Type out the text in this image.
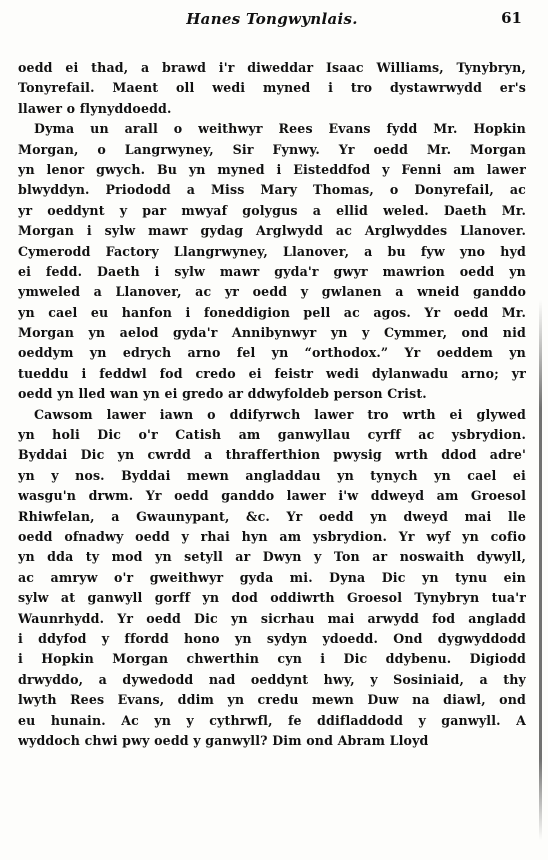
Hanes Tongwynlais.	61
oedd ei thad, a brawd i'r diweddar Isaac Williams, Tynybryn,
Tonyrefail. Maent oll wedi myned i tro dystawrwydd er's
llawer o flynyddoedd.
Dyma un arall o weithwyr Rees Evans fydd Mr. Hopkin
Morgan, o Langrwyney, Sir Fynwy. Yr oedd Mr. Morgan
yn lenor gwych. Bu yn myned i Eisteddfod y Fenni am lawer
blwyddyn. Priododd a Miss Mary Thomas, o Donyrefail, ac
yr oeddynt y par mwyaf golygus a ellid weled. Daeth Mr.
Morgan i sylw mawr gydag Arglwydd ac Arglwyddes Llanover.
Cymerodd Factory Llangrwyney, Llanover, a bu fyw yno hyd
ei fedd. Daeth i sylw mawr gyda'r gwyr mawrion oedd yn
ymweled a Llanover, ac yr oedd y gwlanen a wneid ganddo
yn cael eu hanfon i foneddigion pell ac agos. Yr oedd Mr.
Morgan yn aelod gyda'r Annibynwyr yn y Cymmer, ond nid
oeddym yn edrych arno fel yn “orthodox.” Yr oeddem yn
tueddu i feddwl fod credo ei feistr wedi dylanwadu arno; yr
oedd yn lled wan yn ei gredo ar ddwyfoldeb person Crist.
Cawsom lawer iawn o ddifyrwch lawer tro wrth ei glywed
yn holi Dic o'r Catish am ganwyllau cyrff ac ysbrydion.
Byddai Dic yn cwrdd a thrafferthion pwysig wrth ddod adre'
yn y nos. Byddai mewn angladdau yn tynych yn cael ei
wasgu'n drwm. Yr oedd ganddo lawer i'w ddweyd am Groesol
Rhiwfelan, a Gwaunypant, &c. Yr oedd yn dweyd mai lle
oedd ofnadwy oedd y rhai hyn am ysbrydion. Yr wyf yn cofio
yn dda ty mod yn setyll ar Dwyn y Ton ar noswaith dywyll,
ac amryw o'r gweithwyr gyda mi. Dyna Dic yn tynu ein
sylw at ganwyll gorff yn dod oddiwrth Groesol Tynybryn tua'r
Waunrhydd. Yr oedd Dic yn sicrhau mai arwydd fod angladd
i ddyfod y ffordd hono yn sydyn ydoedd. Ond dygwyddodd
i Hopkin Morgan chwerthin cyn i Dic ddybenu. Digiodd
drwyddo, a dywedodd nad oeddynt hwy, y Sosiniaid, a thy
lwyth Rees Evans, ddim yn credu mewn Duw na diawl, ond
eu hunain. Ac yn y cythrwfl, fe ddifladdodd y ganwyll. A
wyddoch chwi pwy oedd y ganwyll? Dim ond Abram Lloyd
